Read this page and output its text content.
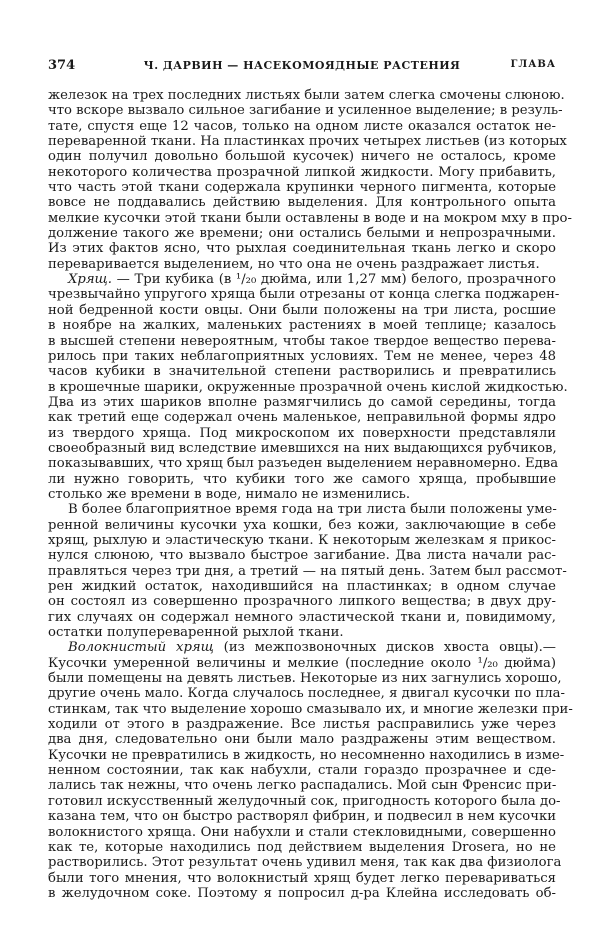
374	Ч. ДАРВИН — НАСЕКОМОЯДНЫЕ РАСТЕНИЯ	ГЛАВА
железок на трех последних листьях были затем слегка смочены слюною.
что вскоре вызвало сильное загибание и усиленное выделение; в резуль-
тате, спустя еще 12 часов, только на одном листе оказался остаток не-
переваренной ткани. На пластинках прочих четырех листьев (из которых
один получил довольно большой кусочек) ничего не осталось, кроме
некоторого количества прозрачной липкой жидкости. Могу прибавить,
что часть этой ткани содержала крупинки черного пигмента, которые
вовсе не поддавались действию выделения. Для контрольного опыта
мелкие кусочки этой ткани были оставлены в воде и на мокром мху в про-
должение такого же времени; они остались белыми и непрозрачными.
Из этих фактов ясно, что рыхлая соединительная ткань легко и скоро
переваривается выделением, но что она не очень раздражает листья.
Хрящ. — Три кубика (в ¹/₂₀ дюйма, или 1,27 мм) белого, прозрачного
чрезвычайно упругого хряща были отрезаны от конца слегка поджарен-
ной бедренной кости овцы. Они были положены на три листа, росшие
в ноябре на жалких, маленьких растениях в моей теплице; казалось
в высшей степени невероятным, чтобы такое твердое вещество перева-
рилось при таких неблагоприятных условиях. Тем не менее, через 48
часов кубики в значительной степени растворились и превратились
в крошечные шарики, окруженные прозрачной очень кислой жидкостью.
Два из этих шариков вполне размягчились до самой середины, тогда
как третий еще содержал очень маленькое, неправильной формы ядро
из твердого хряща. Под микроскопом их поверхности представляли
своеобразный вид вследствие имевшихся на них выдающихся рубчиков,
показывавших, что хрящ был разъеден выделением неравномерно. Едва
ли нужно говорить, что кубики того же самого хряща, пробывшие
столько же времени в воде, нимало не изменились.
В более благоприятное время года на три листа были положены уме-
ренной величины кусочки уха кошки, без кожи, заключающие в себе
хрящ, рыхлую и эластическую ткани. К некоторым железкам я прикос-
нулся слюною, что вызвало быстрое загибание. Два листа начали рас-
правляться через три дня, а третий — на пятый день. Затем был рассмот-
рен жидкий остаток, находившийся на пластинках; в одном случае
он состоял из совершенно прозрачного липкого вещества; в двух дру-
гих случаях он содержал немного эластической ткани и, повидимому,
остатки полупереваренной рыхлой ткани.
Волокнистый хрящ (из межпозвоночных дисков хвоста овцы).—
Кусочки умеренной величины и мелкие (последние около ¹/₂₀ дюйма)
были помещены на девять листьев. Некоторые из них загнулись хорошо,
другие очень мало. Когда случалось последнее, я двигал кусочки по пла-
стинкам, так что выделение хорошо смазывало их, и многие железки при-
ходили от этого в раздражение. Все листья расправились уже через
два дня, следовательно они были мало раздражены этим веществом.
Кусочки не превратились в жидкость, но несомненно находились в изме-
ненном состоянии, так как набухли, стали гораздо прозрачнее и сде-
лались так нежны, что очень легко распадались. Мой сын Френсис при-
готовил искусственный желудочный сок, пригодность которого была до-
казана тем, что он быстро растворял фибрин, и подвесил в нем кусочки
волокнистого хряща. Они набухли и стали стекловидными, совершенно
как те, которые находились под действием выделения Drosera, но не
растворились. Этот результат очень удивил меня, так как два физиолога
были того мнения, что волокнистый хрящ будет легко перевариваться
в желудочном соке. Поэтому я попросил д-ра Клейна исследовать об-
